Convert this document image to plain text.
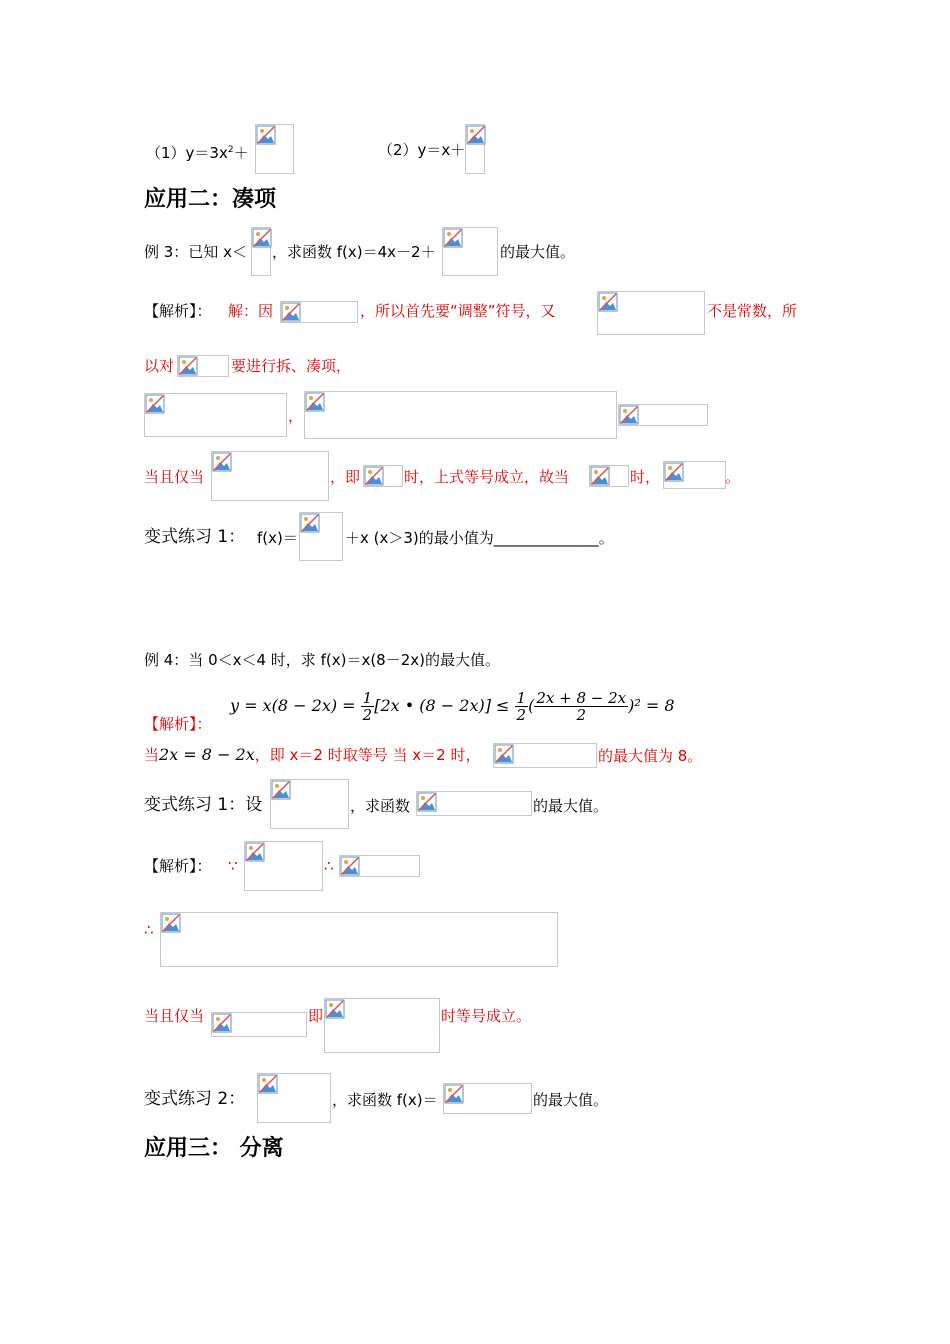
$(1)y=3x^2+$	（2）y＝x＋
应用二：凑项
例 3：已知 x＜ ，求函数 f(x)＝4x－2＋	的最大值。
【解析】： 解：因	，所以首先要“调整”符号，又	不是常数，所
以对	要进行拆、凑项，
，
当且仅当	，即	时，上式等号成立，故当	时，	。
变式练习 1： f(x)＝	＋x (x＞3)的最小值为______________。
例 4：当 0＜x＜4 时，求 f(x)＝x(8－2x)的最大值。
【解析】：
$y = x(8 - 2x) = \frac{1}{2} [2x$ • $(8 - 2x)] \le \frac{1}{2}$ ( $\frac{2x + 8 - 2x}{2} )^2 = 8$
当2x = 8 − 2x，即 x＝2 时取等号 当 x＝2 时，	的最大值为 8。
变式练习 1：设	，求函数	的最大值。
【解析】： ∵	∴
∴
当且仅当	即	时等号成立。
变式练习 2：	，求函数 f(x)＝	的最大值。
应用三： 分离
